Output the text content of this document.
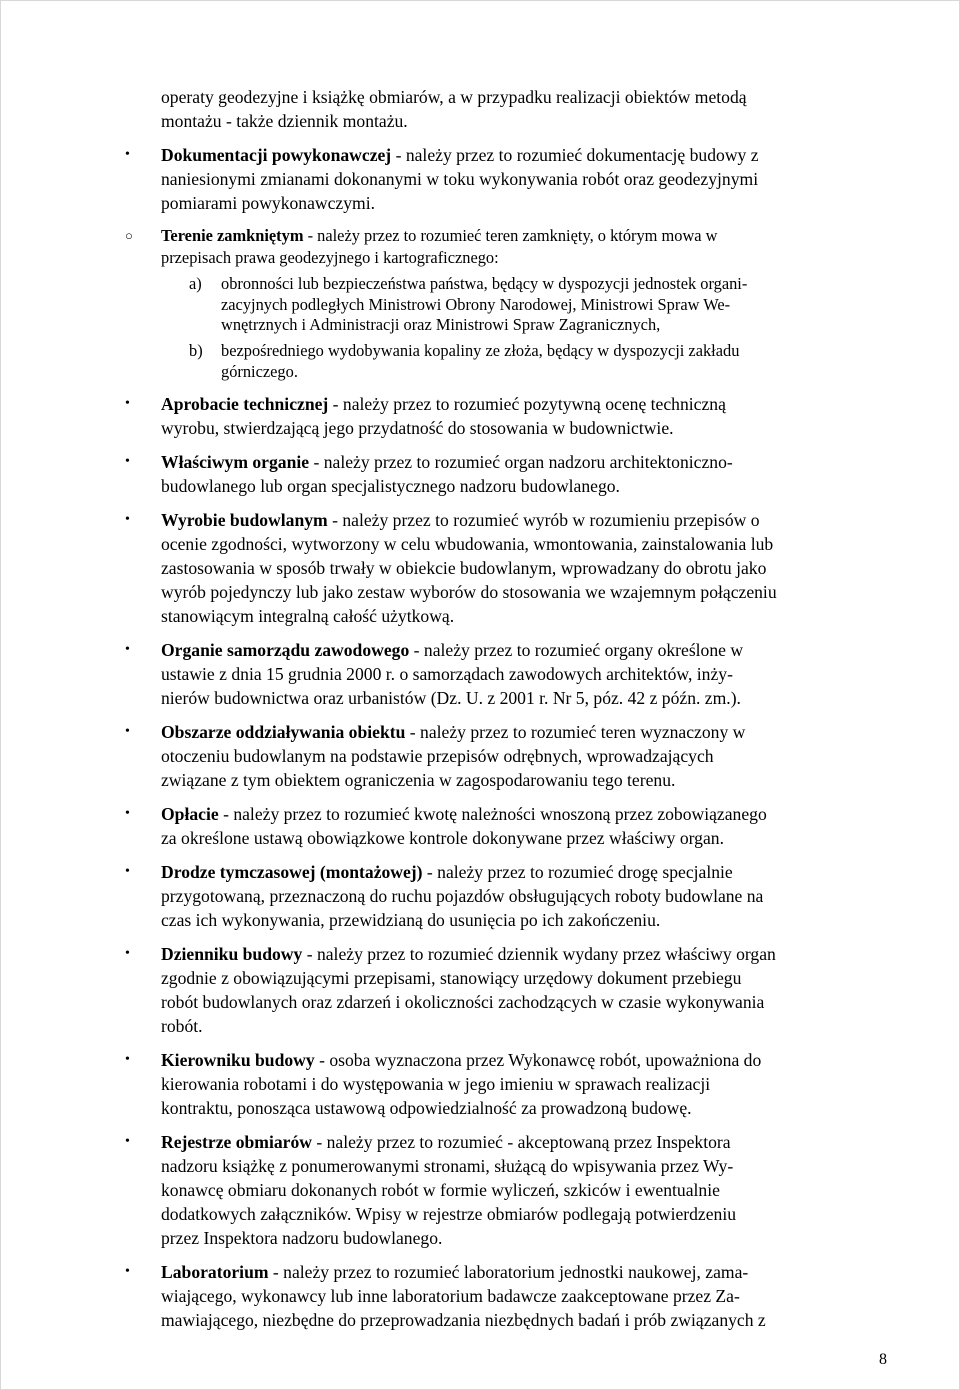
operaty geodezyjne i książkę obmiarów, a w przypadku realizacji obiektów metodą
montażu - także dziennik montażu.
• Dokumentacji powykonawczej - należy przez to rozumieć dokumentację budowy z
naniesionymi zmianami dokonanymi w toku wykonywania robót oraz geodezyjnymi
pomiarami powykonawczymi.
○ Terenie zamkniętym - należy przez to rozumieć teren zamknięty, o którym mowa w
przepisach prawa geodezyjnego i kartograficznego:
a) obronności lub bezpieczeństwa państwa, będący w dyspozycji jednostek organi-
zacyjnych podległych Ministrowi Obrony Narodowej, Ministrowi Spraw We-
wnętrznych i Administracji oraz Ministrowi Spraw Zagranicznych,
b) bezpośredniego wydobywania kopaliny ze złoża, będący w dyspozycji zakładu
górniczego.
• Aprobacie technicznej - należy przez to rozumieć pozytywną ocenę techniczną
wyrobu, stwierdzającą jego przydatność do stosowania w budownictwie.
• Właściwym organie - należy przez to rozumieć organ nadzoru architektoniczno-
budowlanego lub organ specjalistycznego nadzoru budowlanego.
• Wyrobie budowlanym - należy przez to rozumieć wyrób w rozumieniu przepisów o
ocenie zgodności, wytworzony w celu wbudowania, wmontowania, zainstalowania lub
zastosowania w sposób trwały w obiekcie budowlanym, wprowadzany do obrotu jako
wyrób pojedynczy lub jako zestaw wyborów do stosowania we wzajemnym połączeniu
stanowiącym integralną całość użytkową.
• Organie samorządu zawodowego - należy przez to rozumieć organy określone w
ustawie z dnia 15 grudnia 2000 r. o samorządach zawodowych architektów, inży-
nierów budownictwa oraz urbanistów (Dz. U. z 2001 r. Nr 5, póz. 42 z późn. zm.).
• Obszarze oddziaływania obiektu - należy przez to rozumieć teren wyznaczony w
otoczeniu budowlanym na podstawie przepisów odrębnych, wprowadzających
związane z tym obiektem ograniczenia w zagospodarowaniu tego terenu.
• Opłacie - należy przez to rozumieć kwotę należności wnoszoną przez zobowiązanego
za określone ustawą obowiązkowe kontrole dokonywane przez właściwy organ.
• Drodze tymczasowej (montażowej) - należy przez to rozumieć drogę specjalnie
przygotowaną, przeznaczoną do ruchu pojazdów obsługujących roboty budowlane na
czas ich wykonywania, przewidzianą do usunięcia po ich zakończeniu.
• Dzienniku budowy - należy przez to rozumieć dziennik wydany przez właściwy organ
zgodnie z obowiązującymi przepisami, stanowiący urzędowy dokument przebiegu
robót budowlanych oraz zdarzeń i okoliczności zachodzących w czasie wykonywania
robót.
• Kierowniku budowy - osoba wyznaczona przez Wykonawcę robót, upoważniona do
kierowania robotami i do występowania w jego imieniu w sprawach realizacji
kontraktu, ponosząca ustawową odpowiedzialność za prowadzoną budowę.
• Rejestrze obmiarów - należy przez to rozumieć - akceptowaną przez Inspektora
nadzoru książkę z ponumerowanymi stronami, służącą do wpisywania przez Wy-
konawcę obmiaru dokonanych robót w formie wyliczeń, szkiców i ewentualnie
dodatkowych załączników. Wpisy w rejestrze obmiarów podlegają potwierdzeniu
przez Inspektora nadzoru budowlanego.
• Laboratorium - należy przez to rozumieć laboratorium jednostki naukowej, zama-
wiającego, wykonawcy lub inne laboratorium badawcze zaakceptowane przez Za-
mawiającego, niezbędne do przeprowadzania niezbędnych badań i prób związanych z
8
